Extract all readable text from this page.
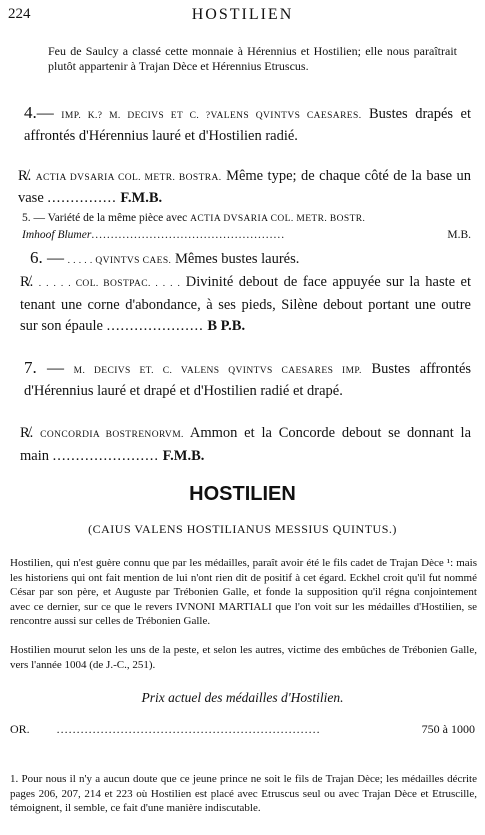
224	HOSTILIEN
Feu de Saulcy a classé cette monnaie à Hérennius et Hostilien; elle nous paraîtrait plutôt appartenir à Trajan Dèce et Hérennius Etruscus.
4.— IMP. K.? M. DECIVS ET C. ?VALENS QVINTVS CAESARES. Bustes drapés et affrontés d'Hérennius lauré et d'Hostilien radié.
R̸. ACTIA DVSARIA COL. METR. BOSTRA. Même type; de chaque côté de la base un vase ............... F.M.B.
5. — Variété de la même pièce avec ACTIA DVSARIA COL. METR. BOSTR.
Imhoof Blumer..................................................	M.B.
6. — . . . . . QVINTVS CAES. Mêmes bustes laurés.
R̸. . . . . . COL. BOSTPAC. . . . . Divinité debout de face appuyée sur la haste et tenant une corne d'abondance, à ses pieds, Silène debout portant une outre sur son épaule ..................... B P.B.
7. — M. DECIVS ET. C. VALENS QVINTVS CAESARES IMP. Bustes affrontés d'Hérennius lauré et drapé et d'Hostilien radié et drapé.
R̸. CONCORDIA BOSTRENORVM. Ammon et la Concorde debout se donnant la main ....................... F.M.B.
HOSTILIEN
(CAIUS VALENS HOSTILIANUS MESSIUS QUINTUS.)
Hostilien, qui n'est guère connu que par les médailles, paraît avoir été le fils cadet de Trajan Dèce ¹: mais les historiens qui ont fait mention de lui n'ont rien dit de positif à cet égard. Eckhel croit qu'il fut nommé César par son père, et Auguste par Trébonien Galle, et fonde la supposition qu'il régna conjointement avec ce dernier, sur ce que le revers IVNONI MARTIALI que l'on voit sur les médailles d'Hostilien, se rencontre aussi sur celles de Trébonien Galle.
Hostilien mourut selon les uns de la peste, et selon les autres, victime des embûches de Trébonien Galle, vers l'année 1004 (de J.-C., 251).
Prix actuel des médailles d'Hostilien.
OR. ..................................................................	750 à 1000
1. Pour nous il n'y a aucun doute que ce jeune prince ne soit le fils de Trajan Dèce; les médailles décrite pages 206, 207, 214 et 223 où Hostilien est placé avec Etruscus seul ou avec Trajan Dèce et Etruscille, témoignent, il semble, ce fait d'une manière indiscutable.
